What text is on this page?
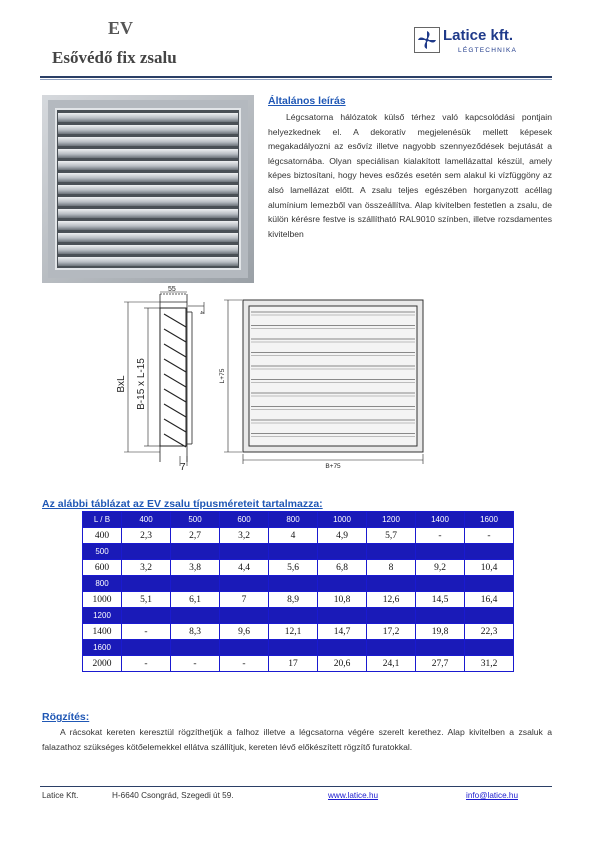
EV
Esővédő fix zsalu
Latice kft.
LÉGTECHNIKA
Általános leírás
Légcsatorna hálózatok külső térhez való kapcsolódási pontjain helyezkednek el. A dekoratív megjelenésük mellett képesek megakadályozni az esővíz illetve nagyobb szennyeződések bejutását a légcsatornába. Olyan speciálisan kialakított lamellázattal készül, amely képes biztosítani, hogy heves esőzés esetén sem alakul ki vízfüggöny az alsó lamellázat előtt. A zsalu teljes egészében horganyzott acéllag alumínium lemezből van összeállítva. Alap kivitelben festetlen a zsalu, de külön kérésre festve is szállítható RAL9010 színben, illetve rozsdamentes kivitelben
55
4
BxL B-15 x L-15
7
L+75
B+75
Az alábbi táblázat az EV zsalu típusméreteit tartalmazza:
L / B	400	500	600	800	1000	1200	1400	1600
400	2,3	2,7	3,2	4	4,9	5,7	-	-
500								
600	3,2	3,8	4,4	5,6	6,8	8	9,2	10,4
800								
1000	5,1	6,1	7	8,9	10,8	12,6	14,5	16,4
1200								
1400	-	8,3	9,6	12,1	14,7	17,2	19,8	22,3
1600								
2000	-	-	-	17	20,6	24,1	27,7	31,2
Rögzítés:
A rácsokat kereten keresztül rögzíthetjük a falhoz illetve a légcsatorna végére szerelt kerethez. Alap kivitelben a zsaluk a falazathoz szükséges kötőelemekkel ellátva szállítjuk, kereten lévő előkészített rögzítő furatokkal.
Latice Kft.	H-6640 Csongrád, Szegedi út 59.	www.latice.hu	info@latice.hu
